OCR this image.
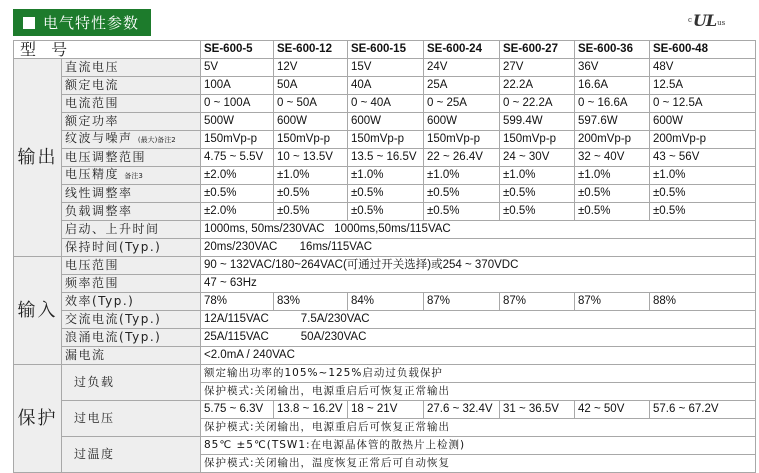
电气特性参数	c UL us
型 号		SE-600-5	SE-600-12	SE-600-15	SE-600-24	SE-600-27	SE-600-36	SE-600-48
输出	直流电压	5V	12V	15V	24V	27V	36V	48V
	额定电流	100A	50A	40A	25A	22.2A	16.6A	12.5A
	电流范围	0 ~ 100A	0 ~ 50A	0 ~ 40A	0 ~ 25A	0 ~ 22.2A	0 ~ 16.6A	0 ~ 12.5A
	额定功率	500W	600W	600W	600W	599.4W	597.6W	600W
	纹波与噪声 (最大)备注2	150mVp-p	150mVp-p	150mVp-p	150mVp-p	150mVp-p	200mVp-p	200mVp-p
	电压调整范围	4.75 ~ 5.5V	10 ~ 13.5V	13.5 ~ 16.5V	22 ~ 26.4V	24 ~ 30V	32 ~ 40V	43 ~ 56V
	电压精度 备注3	±2.0%	±1.0%	±1.0%	±1.0%	±1.0%	±1.0%	±1.0%
	线性调整率	±0.5%	±0.5%	±0.5%	±0.5%	±0.5%	±0.5%	±0.5%
	负载调整率	±2.0%	±0.5%	±0.5%	±0.5%	±0.5%	±0.5%	±0.5%
	启动、上升时间	1000ms, 50ms/230VAC   1000ms,50ms/115VAC						
	保持时间(Typ.)	20ms/230VAC       16ms/115VAC						
输入	电压范围	90 ~ 132VAC/180~264VAC(可通过开关选择)或254 ~ 370VDC						
	频率范围	47 ~ 63Hz						
	效率(Typ.)	78%	83%	84%	87%	87%	87%	88%
	交流电流(Typ.)	12A/115VAC          7.5A/230VAC						
	浪涌电流(Typ.)	25A/115VAC          50A/230VAC						
	漏电流	<2.0mA / 240VAC						
保护	过负载	额定输出功率的105%~125%启动过负载保护						
		保护模式:关闭输出，电源重启后可恢复正常输出						
	过电压	5.75 ~ 6.3V	13.8 ~ 16.2V	18 ~ 21V	27.6 ~ 32.4V	31 ~ 36.5V	42 ~ 50V	57.6 ~ 67.2V
		保护模式:关闭输出，电源重启后可恢复正常输出						
	过温度	85℃ ±5℃(TSW1:在电源晶体管的散热片上检测)						
		保护模式:关闭输出，温度恢复正常后可自动恢复						
